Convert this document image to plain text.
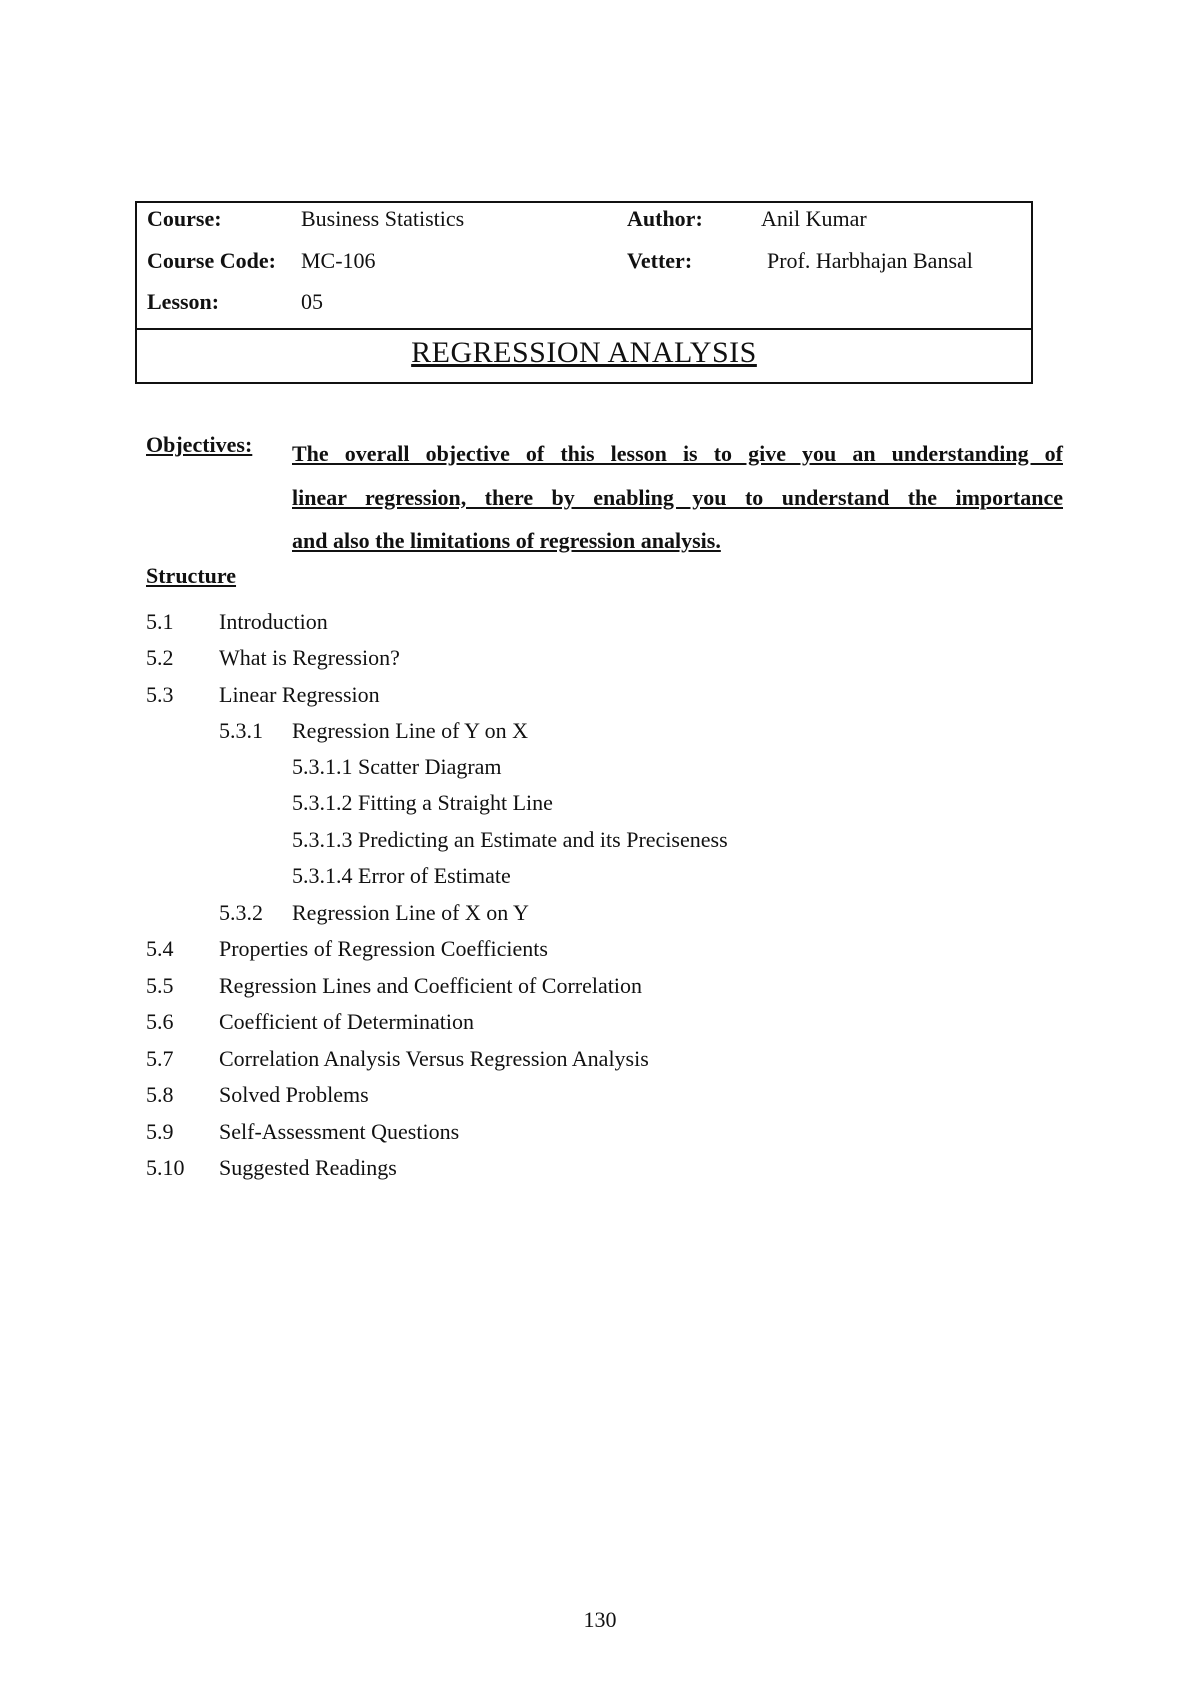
Course:	Business Statistics	Author:	Anil Kumar
Course Code: MC-106	Vetter:	Prof. Harbhajan Bansal
Lesson:	05
REGRESSION ANALYSIS
Objectives: The overall objective of this lesson is to give you an understanding of
linear regression, there by enabling you to understand the importance
and also the limitations of regression analysis.
Structure
5.1 Introduction
5.2 What is Regression?
5.3 Linear Regression
5.3.1 Regression Line of Y on X
5.3.1.1 Scatter Diagram
5.3.1.2 Fitting a Straight Line
5.3.1.3 Predicting an Estimate and its Preciseness
5.3.1.4 Error of Estimate
5.3.2 Regression Line of X on Y
5.4 Properties of Regression Coefficients
5.5 Regression Lines and Coefficient of Correlation
5.6 Coefficient of Determination
5.7 Correlation Analysis Versus Regression Analysis
5.8 Solved Problems
5.9 Self-Assessment Questions
5.10 Suggested Readings
130
